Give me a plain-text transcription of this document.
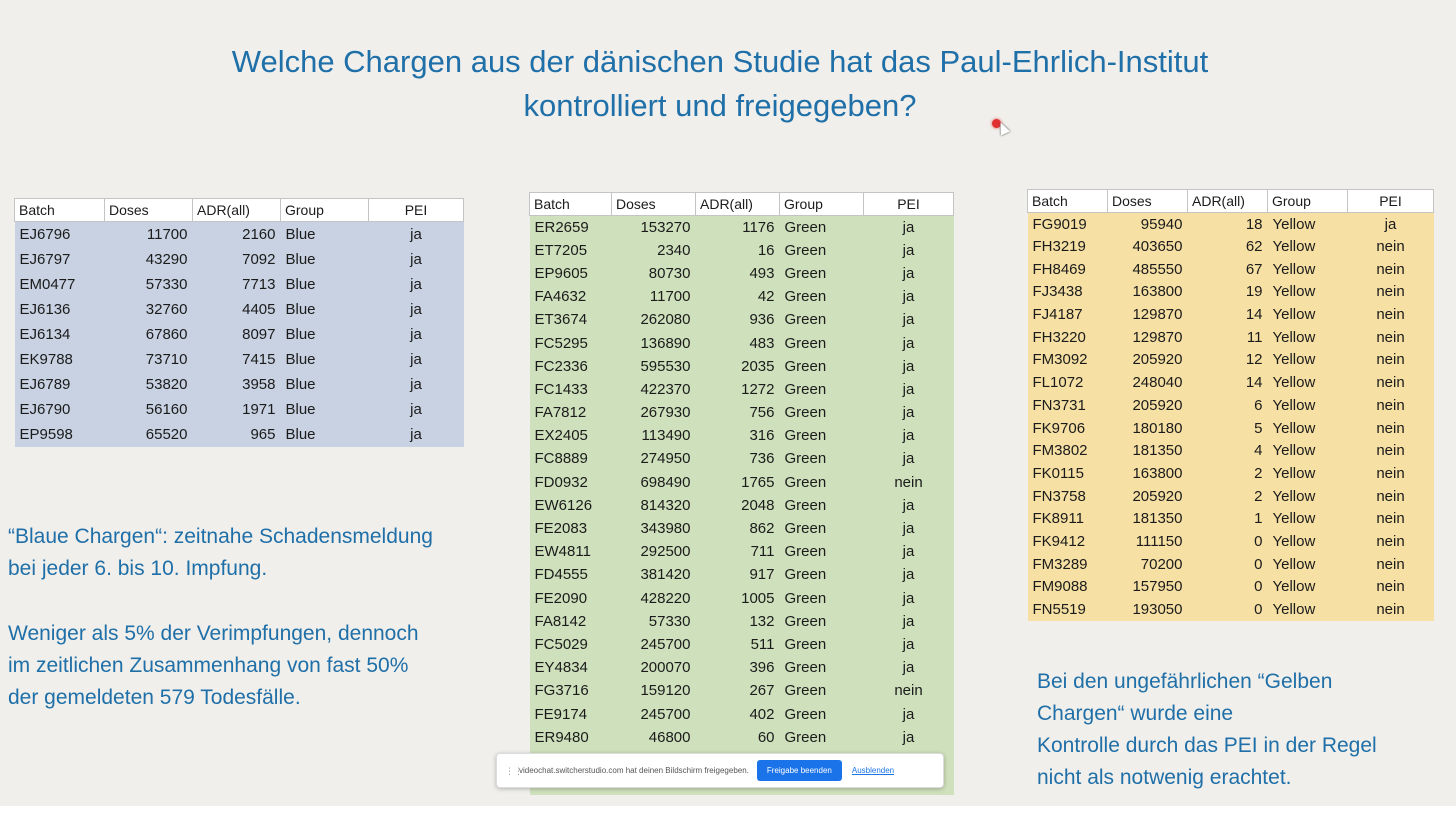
Welche Chargen aus der dänischen Studie hat das Paul-Ehrlich-Institut
kontrolliert und freigegeben?
Batch	Doses	ADR(all)	Group	PEI
EJ6796	11700	2160	Blue	ja
EJ6797	43290	7092	Blue	ja
EM0477	57330	7713	Blue	ja
EJ6136	32760	4405	Blue	ja
EJ6134	67860	8097	Blue	ja
EK9788	73710	7415	Blue	ja
EJ6789	53820	3958	Blue	ja
EJ6790	56160	1971	Blue	ja
EP9598	65520	965	Blue	ja
Batch	Doses	ADR(all)	Group	PEI
ER2659	153270	1176	Green	ja
ET7205	2340	16	Green	ja
EP9605	80730	493	Green	ja
FA4632	11700	42	Green	ja
ET3674	262080	936	Green	ja
FC5295	136890	483	Green	ja
FC2336	595530	2035	Green	ja
FC1433	422370	1272	Green	ja
FA7812	267930	756	Green	ja
EX2405	113490	316	Green	ja
FC8889	274950	736	Green	ja
FD0932	698490	1765	Green	nein
EW6126	814320	2048	Green	ja
FE2083	343980	862	Green	ja
EW4811	292500	711	Green	ja
FD4555	381420	917	Green	ja
FE2090	428220	1005	Green	ja
FA8142	57330	132	Green	ja
FC5029	245700	511	Green	ja
EY4834	200070	396	Green	ja
FG3716	159120	267	Green	nein
FE9174	245700	402	Green	ja
ER9480	46800	60	Green	ja

Batch	Doses	ADR(all)	Group	PEI
FG9019	95940	18	Yellow	ja
FH3219	403650	62	Yellow	nein
FH8469	485550	67	Yellow	nein
FJ3438	163800	19	Yellow	nein
FJ4187	129870	14	Yellow	nein
FH3220	129870	11	Yellow	nein
FM3092	205920	12	Yellow	nein
FL1072	248040	14	Yellow	nein
FN3731	205920	6	Yellow	nein
FK9706	180180	5	Yellow	nein
FM3802	181350	4	Yellow	nein
FK0115	163800	2	Yellow	nein
FN3758	205920	2	Yellow	nein
FK8911	181350	1	Yellow	nein
FK9412	111150	0	Yellow	nein
FM3289	70200	0	Yellow	nein
FM9088	157950	0	Yellow	nein
FN5519	193050	0	Yellow	nein
“Blaue Chargen“: zeitnahe Schadensmeldung
bei jeder 6. bis 10. Impfung.
Weniger als 5% der Verimpfungen, dennoch
im zeitlichen Zusammenhang von fast 50%
der gemeldeten 579 Todesfälle.
Bei den ungefährlichen “Gelben
Chargen“ wurde eine
Kontrolle durch das PEI in der Regel
nicht als notwenig erachtet.
⋮⋮
videochat.switcherstudio.com hat deinen Bildschirm freigegeben.	Freigabe beenden	Ausblenden
